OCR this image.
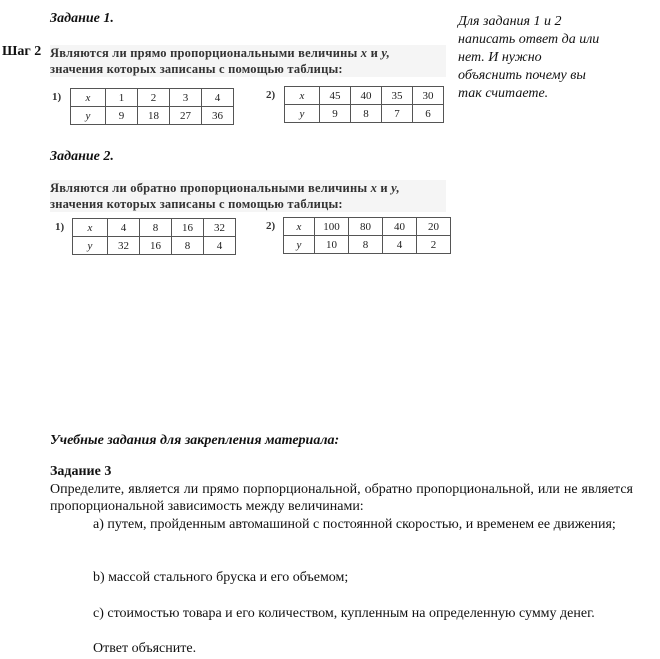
Задание 1.
Шаг 2 Являются ли прямо пропорциональными величины x и y,
значения которых записаны с помощью таблицы:
1) x	1	2	3	4
y	9	18	27	36
2) x	45	40	35	30
y	9	8	7	6
Для задания 1 и 2
написать ответ да или
нет. И нужно
объяснить почему вы
так считаете.
Задание 2.
Являются ли обратно пропорциональными величины x и y,
значения которых записаны с помощью таблицы:
1) x	4	8	16	32
y	32	16	8	4
2) x	100	80	40	20
y	10	8	4	2
Учебные задания для закрепления материала:
Задание 3
Определите, является ли прямо порпорциональной, обратно пропорциональной, или не является пропорциональной зависимость между величинами:
а) путем, пройденным автомашиной с постоянной скоростью, и временем ее движения;
b) массой стального бруска и его объемом;
с) стоимостью товара и его количеством, купленным на определенную сумму денег.
Ответ объясните.
